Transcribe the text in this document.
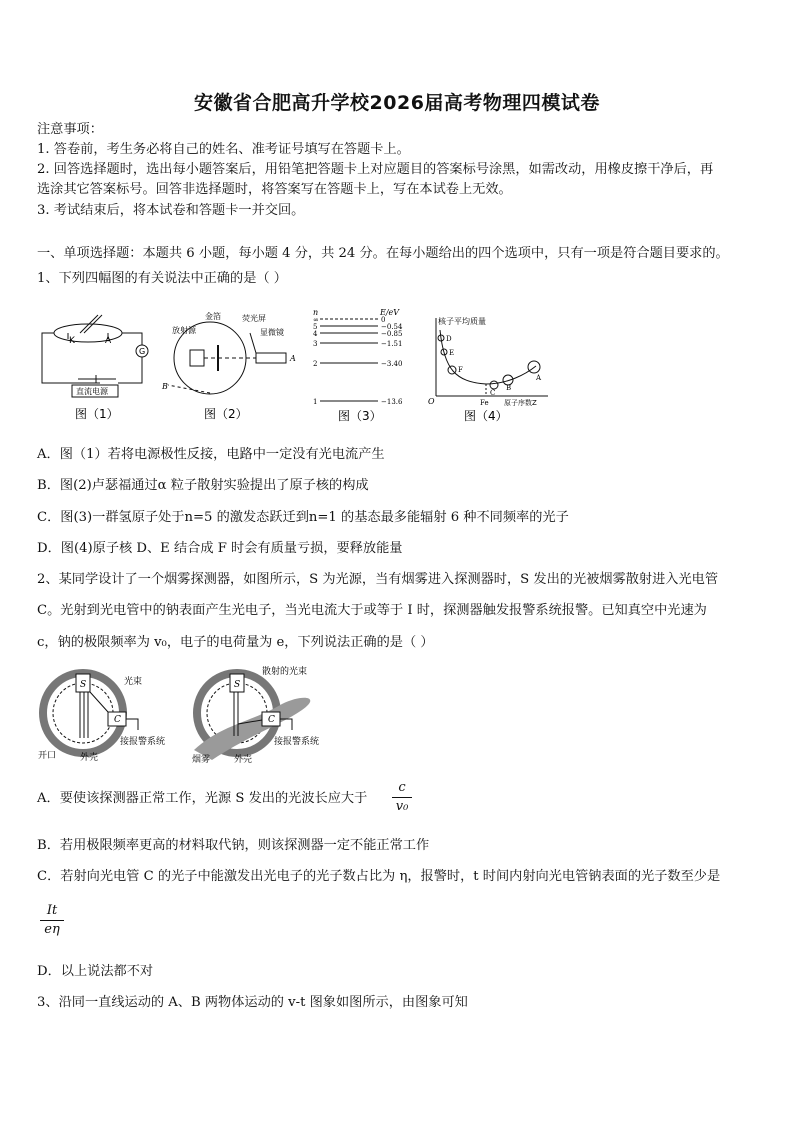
安徽省合肥高升学校2026届高考物理四模试卷
注意事项：
1. 答卷前，考生务必将自己的姓名、准考证号填写在答题卡上。
2. 回答选择题时，选出每小题答案后，用铅笔把答题卡上对应题目的答案标号涂黑，如需改动，用橡皮擦干净后，再
选涂其它答案标号。回答非选择题时，将答案写在答题卡上，写在本试卷上无效。
3. 考试结束后，将本试卷和答题卡一并交回。
一、单项选择题：本题共 6 小题，每小题 4 分，共 24 分。在每小题给出的四个选项中，只有一项是符合题目要求的。
1、下列四幅图的有关说法中正确的是（ ）
K	A
G
直流电源
图（1）
放射源
金箔	荧光屏
显微镜
A
B
图（2）
n	E/eV
∞	0
5	−0.54
4	−0.85
3	−1.51
2	−3.40
1	−13.6
图（3）
核子平均质量
D
E
F
C
B
A
O	Fe 原子序数Z
图（4）
A．图（1）若将电源极性反接，电路中一定没有光电流产生
B．图(2)卢瑟福通过α 粒子散射实验提出了原子核的构成
C．图(3)一群氢原子处于n=5 的激发态跃迁到n=1 的基态最多能辐射 6 种不同频率的光子
D．图(4)原子核 D、E 结合成 F 时会有质量亏损，要释放能量
2、某同学设计了一个烟雾探测器，如图所示，S 为光源，当有烟雾进入探测器时，S 发出的光被烟雾散射进入光电管
C。光射到光电管中的钠表面产生光电子，当光电流大于或等于 I 时，探测器触发报警系统报警。已知真空中光速为
c，钠的极限频率为 v₀，电子的电荷量为 e，下列说法正确的是（ ）
S
C
光束
接报警系统
开口	外壳
S
C
散射的光束
接报警系统
烟雾	外壳
A．要使该探测器正常工作，光源 S 发出的光波长应大于	$\frac{c}{\text{v₀}}$
B．若用极限频率更高的材料取代钠，则该探测器一定不能正常工作
C．若射向光电管 C 的光子中能激发出光电子的光子数占比为 η，报警时，t 时间内射向光电管钠表面的光子数至少是
$\frac{It}{e\eta}$
D．以上说法都不对
3、沿同一直线运动的 A、B 两物体运动的 v-t 图象如图所示，由图象可知
